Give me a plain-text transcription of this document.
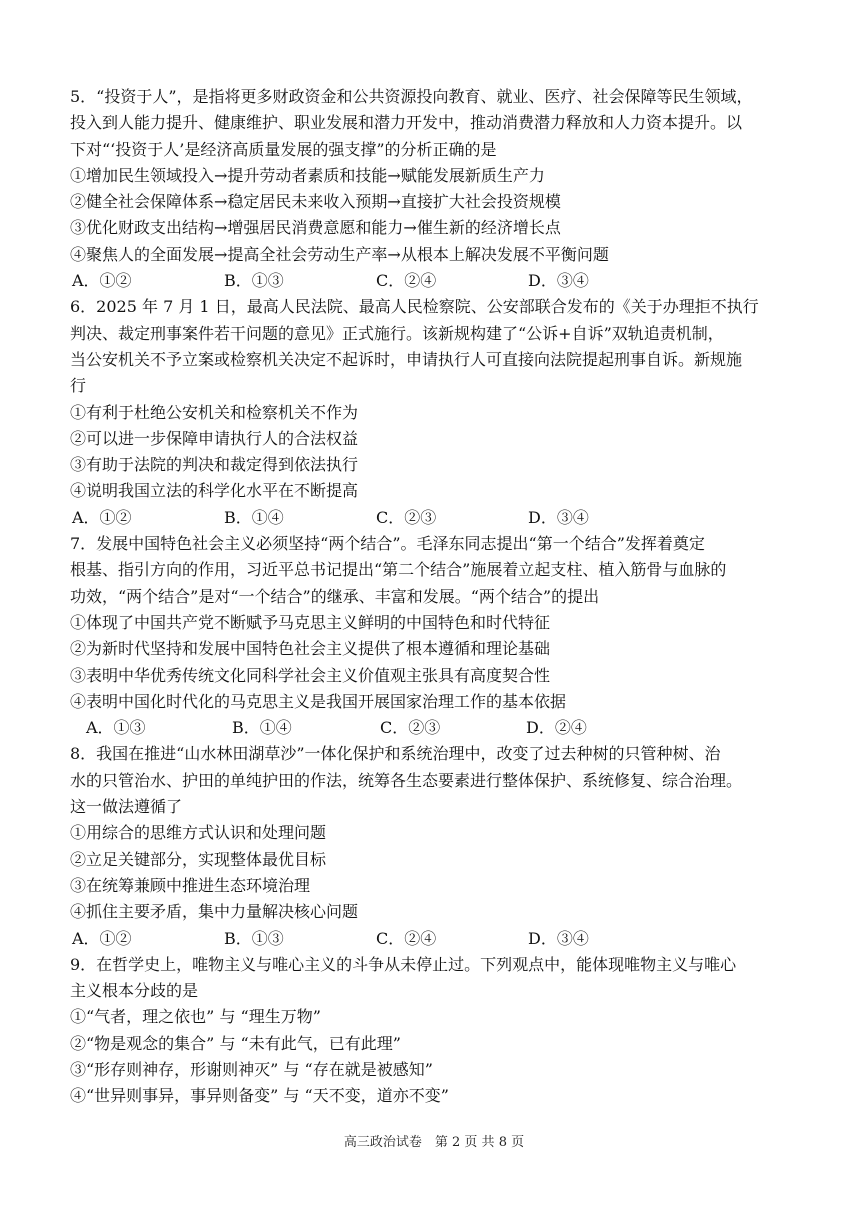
5．“投资于人”，是指将更多财政资金和公共资源投向教育、就业、医疗、社会保障等民生领域，
投入到人能力提升、健康维护、职业发展和潜力开发中，推动消费潜力释放和人力资本提升。以
下对“‘投资于人’是经济高质量发展的强支撑”的分析正确的是
①增加民生领域投入→提升劳动者素质和技能→赋能发展新质生产力
②健全社会保障体系→稳定居民未来收入预期→直接扩大社会投资规模
③优化财政支出结构→增强居民消费意愿和能力→催生新的经济增长点
④聚焦人的全面发展→提高全社会劳动生产率→从根本上解决发展不平衡问题
A．①②	B．①③	C．②④	D．③④
6．2025 年 7 月 1 日，最高人民法院、最高人民检察院、公安部联合发布的《关于办理拒不执行
判决、裁定刑事案件若干问题的意见》正式施行。该新规构建了“公诉+自诉”双轨追责机制，
当公安机关不予立案或检察机关决定不起诉时，申请执行人可直接向法院提起刑事自诉。新规施
行
①有利于杜绝公安机关和检察机关不作为
②可以进一步保障申请执行人的合法权益
③有助于法院的判决和裁定得到依法执行
④说明我国立法的科学化水平在不断提高
A．①②	B．①④	C．②③	D．③④
7．发展中国特色社会主义必须坚持“两个结合”。毛泽东同志提出“第一个结合”发挥着奠定
根基、指引方向的作用，习近平总书记提出“第二个结合”施展着立起支柱、植入筋骨与血脉的
功效，“两个结合”是对“一个结合”的继承、丰富和发展。“两个结合”的提出
①体现了中国共产党不断赋予马克思主义鲜明的中国特色和时代特征
②为新时代坚持和发展中国特色社会主义提供了根本遵循和理论基础
③表明中华优秀传统文化同科学社会主义价值观主张具有高度契合性
④表明中国化时代化的马克思主义是我国开展国家治理工作的基本依据
A．①③	B．①④	C．②③	D．②④
8．我国在推进“山水林田湖草沙”一体化保护和系统治理中，改变了过去种树的只管种树、治
水的只管治水、护田的单纯护田的作法，统筹各生态要素进行整体保护、系统修复、综合治理。
这一做法遵循了
①用综合的思维方式认识和处理问题
②立足关键部分，实现整体最优目标
③在统筹兼顾中推进生态环境治理
④抓住主要矛盾，集中力量解决核心问题
A．①②	B．①③	C．②④	D．③④
9．在哲学史上，唯物主义与唯心主义的斗争从未停止过。下列观点中，能体现唯物主义与唯心
主义根本分歧的是
①“气者，理之依也” 与 “理生万物”
②“物是观念的集合” 与 “未有此气，已有此理”
③“形存则神存，形谢则神灭” 与 “存在就是被感知”
④“世异则事异，事异则备变” 与 “天不变，道亦不变”
高三政治试卷　第 2 页 共 8 页
